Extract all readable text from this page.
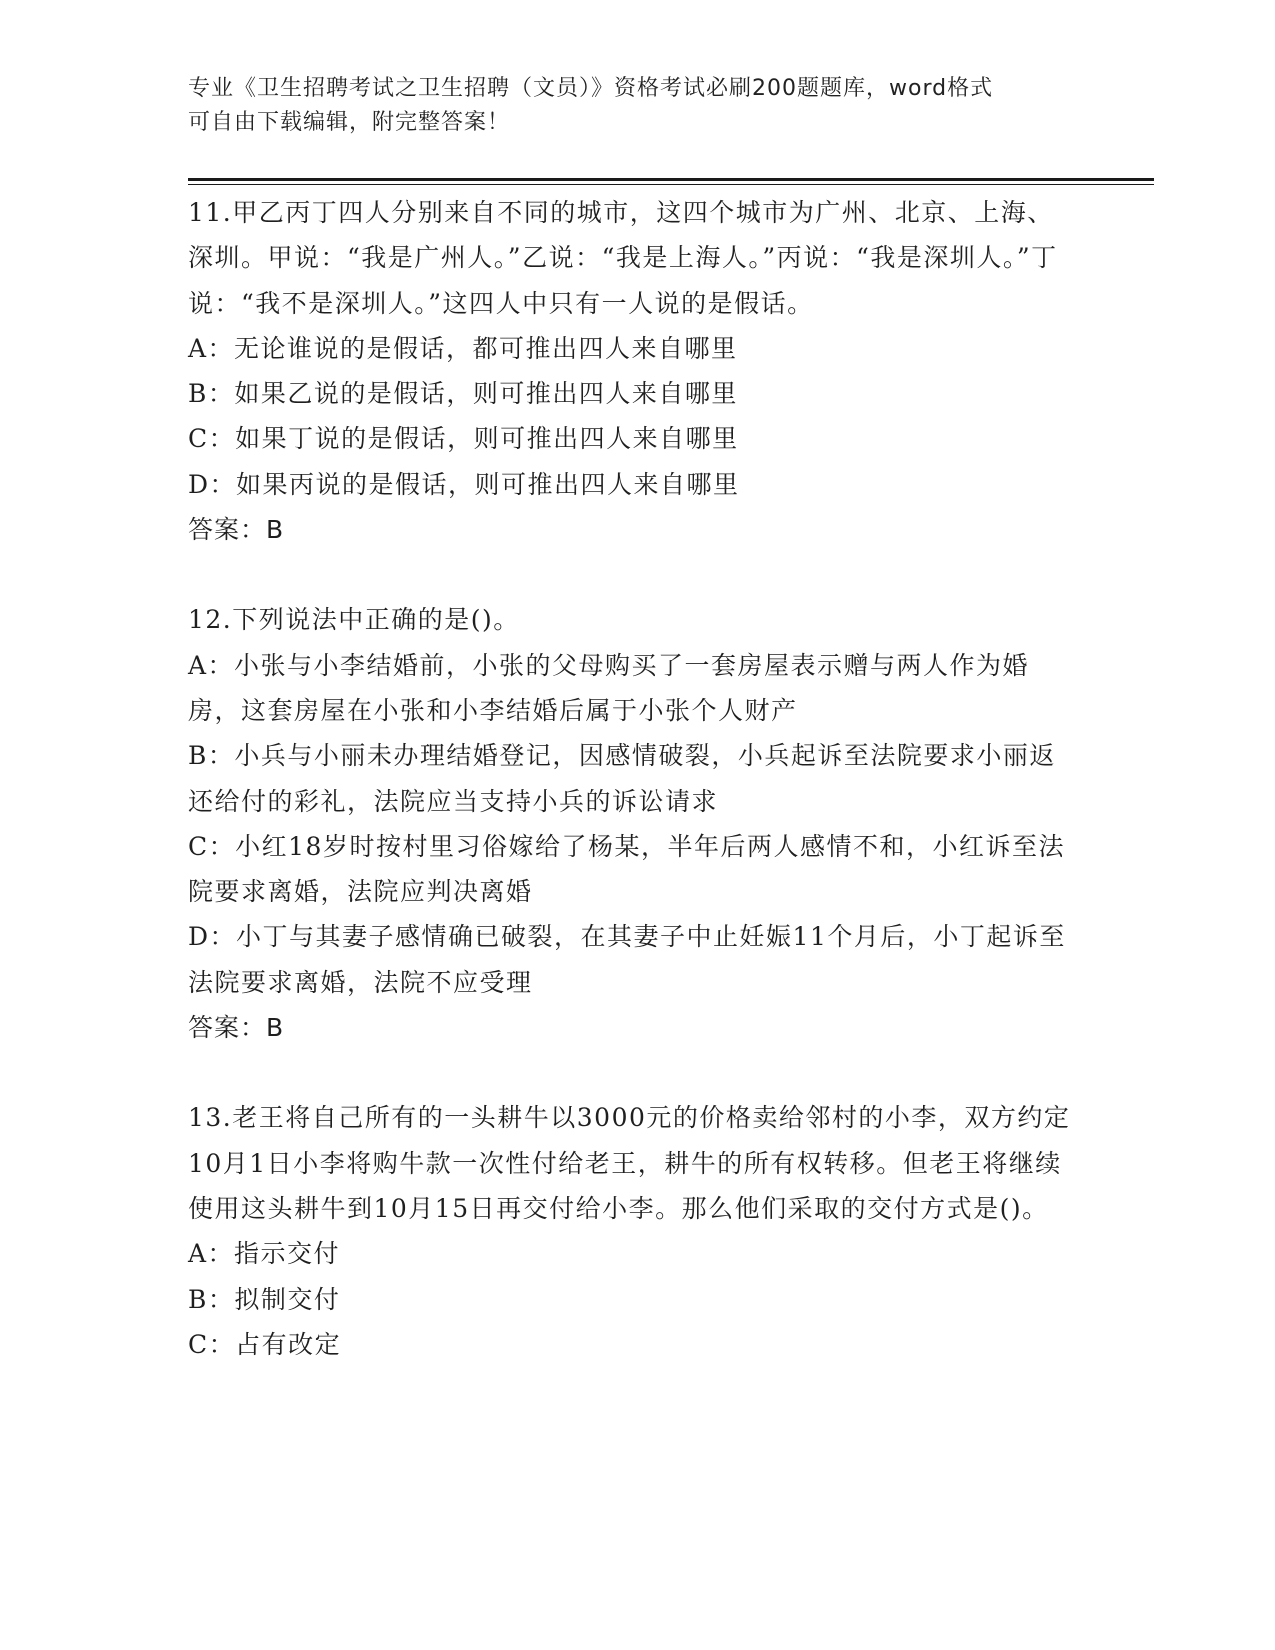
专业《卫生招聘考试之卫生招聘（文员）》资格考试必刷200题题库，word格式
可自由下载编辑，附完整答案！
11.甲乙丙丁四人分别来自不同的城市，这四个城市为广州、北京、上海、深圳。甲说：“我是广州人。”乙说：“我是上海人。”丙说：“我是深圳人。”丁说：“我不是深圳人。”这四人中只有一人说的是假话。
A：无论谁说的是假话，都可推出四人来自哪里
B：如果乙说的是假话，则可推出四人来自哪里
C：如果丁说的是假话，则可推出四人来自哪里
D：如果丙说的是假话，则可推出四人来自哪里
答案：B
12.下列说法中正确的是()。
A：小张与小李结婚前，小张的父母购买了一套房屋表示赠与两人作为婚房，这套房屋在小张和小李结婚后属于小张个人财产
B：小兵与小丽未办理结婚登记，因感情破裂，小兵起诉至法院要求小丽返还给付的彩礼，法院应当支持小兵的诉讼请求
C：小红18岁时按村里习俗嫁给了杨某，半年后两人感情不和，小红诉至法院要求离婚，法院应判决离婚
D：小丁与其妻子感情确已破裂，在其妻子中止妊娠11个月后，小丁起诉至法院要求离婚，法院不应受理
答案：B
13.老王将自己所有的一头耕牛以3000元的价格卖给邻村的小李，双方约定10月1日小李将购牛款一次性付给老王，耕牛的所有权转移。但老王将继续使用这头耕牛到10月15日再交付给小李。那么他们采取的交付方式是()。
A：指示交付
B：拟制交付
C：占有改定
